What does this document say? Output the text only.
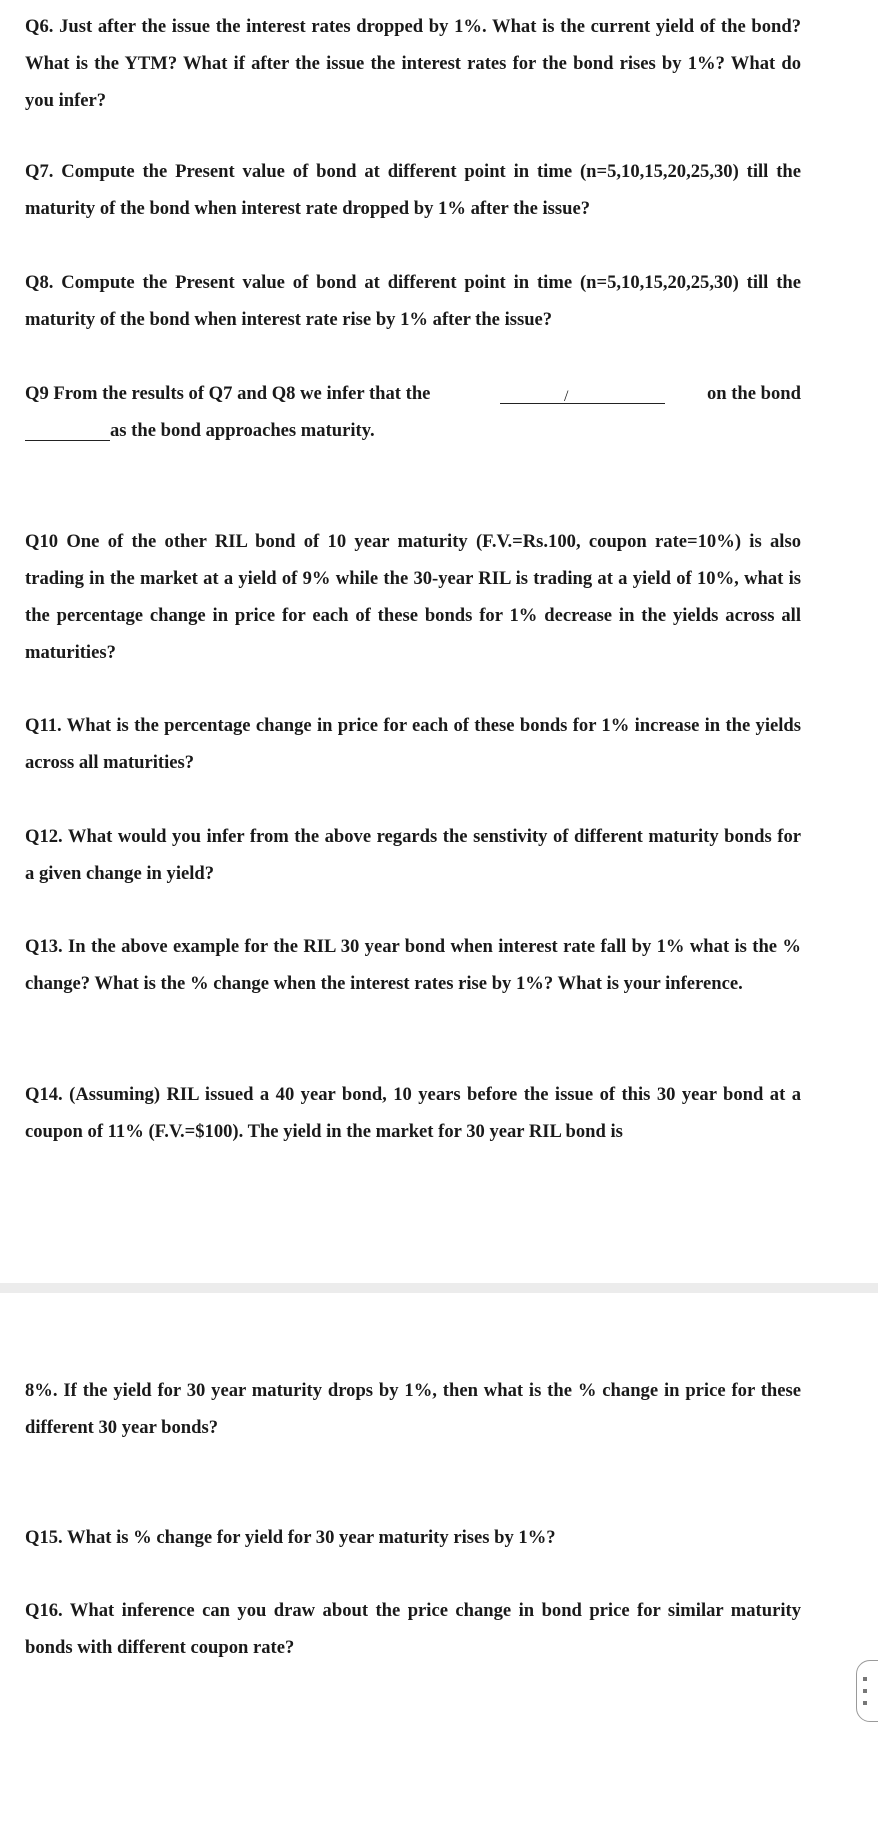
Q6. Just after the issue the interest rates dropped by 1%. What is the current yield of the bond? What is the YTM? What if after the issue the interest rates for the bond rises by 1%? What do you infer?

Q7. Compute the Present value of bond at different point in time (n=5,10,15,20,25,30) till the maturity of the bond when interest rate dropped by 1% after the issue?

Q8. Compute the Present value of bond at different point in time (n=5,10,15,20,25,30) till the maturity of the bond when interest rate rise by 1% after the issue?

Q9 From the results of Q7 and Q8 we infer that the	/	on the bond
as the bond approaches maturity.

Q10 One of the other RIL bond of 10 year maturity (F.V.=Rs.100, coupon rate=10%) is also trading in the market at a yield of 9% while the 30-year RIL is trading at a yield of 10%, what is the percentage change in price for each of these bonds for 1% decrease in the yields across all maturities?

Q11. What is the percentage change in price for each of these bonds for 1% increase in the yields across all maturities?

Q12. What would you infer from the above regards the senstivity of different maturity bonds for a given change in yield?

Q13. In the above example for the RIL 30 year bond when interest rate fall by 1% what is the % change? What is the % change when the interest rates rise by 1%? What is your inference.

Q14. (Assuming) RIL issued a 40 year bond, 10 years before the issue of this 30 year bond at a coupon of 11% (F.V.=$100). The yield in the market for 30 year RIL bond is

8%. If the yield for 30 year maturity drops by 1%, then what is the % change in price for these different 30 year bonds?

Q15. What is % change for yield for 30 year maturity rises by 1%?

Q16. What inference can you draw about the price change in bond price for similar maturity bonds with different coupon rate?
